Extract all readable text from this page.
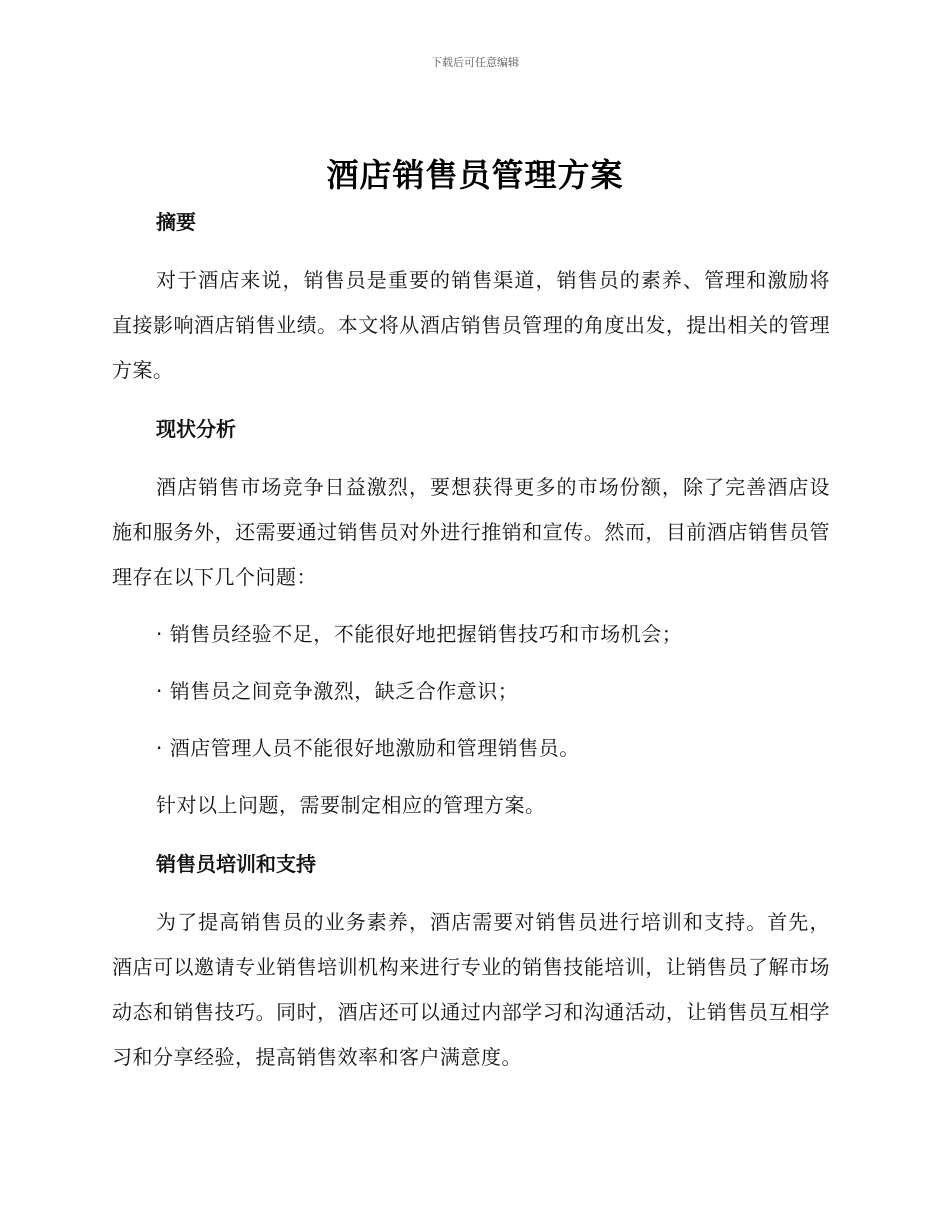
下载后可任意编辑
酒店销售员管理方案

摘要

对于酒店来说，销售员是重要的销售渠道，销售员的素养、管理和激励将直接影响酒店销售业绩。本文将从酒店销售员管理的角度出发，提出相关的管理方案。

现状分析

酒店销售市场竞争日益激烈，要想获得更多的市场份额，除了完善酒店设施和服务外，还需要通过销售员对外进行推销和宣传。然而，目前酒店销售员管理存在以下几个问题：

· 销售员经验不足，不能很好地把握销售技巧和市场机会；

· 销售员之间竞争激烈，缺乏合作意识；

· 酒店管理人员不能很好地激励和管理销售员。

针对以上问题，需要制定相应的管理方案。

销售员培训和支持

为了提高销售员的业务素养，酒店需要对销售员进行培训和支持。首先，酒店可以邀请专业销售培训机构来进行专业的销售技能培训，让销售员了解市场动态和销售技巧。同时，酒店还可以通过内部学习和沟通活动，让销售员互相学习和分享经验，提高销售效率和客户满意度。
